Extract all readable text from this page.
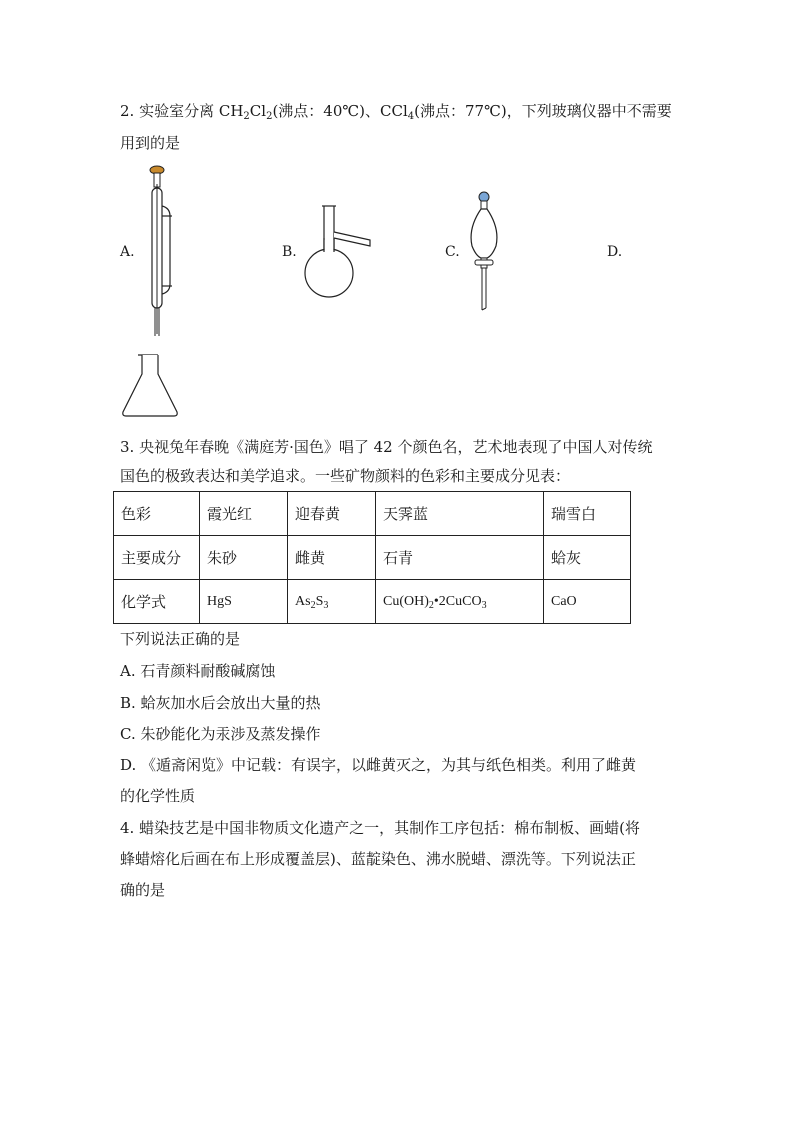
2. 实验室分离 $CH_2Cl_2$(沸点：40℃)、CCl$_4$(沸点：77℃)，下列玻璃仪器中不需要
用到的是
A.	B.	C.	D.
3. 央视兔年春晚《满庭芳·国色》唱了 42 个颜色名，艺术地表现了中国人对传统
国色的极致表达和美学追求。一些矿物颜料的色彩和主要成分见表：
色彩	霞光红	迎春黄	天霁蓝	瑞雪白
主要成分	朱砂	雌黄	石青	蛤灰
化学式	HgS	$As_2S_3$	$Cu(OH)_2•2CuCO_3$	CaO
下列说法正确的是
A. 石青颜料耐酸碱腐蚀
B. 蛤灰加水后会放出大量的热
C. 朱砂能化为汞涉及蒸发操作
D. 《遁斋闲览》中记载：有误字，以雌黄灭之，为其与纸色相类。利用了雌黄
的化学性质
4. 蜡染技艺是中国非物质文化遗产之一，其制作工序包括：棉布制板、画蜡(将
蜂蜡熔化后画在布上形成覆盖层)、蓝靛染色、沸水脱蜡、漂洗等。下列说法正
确的是
